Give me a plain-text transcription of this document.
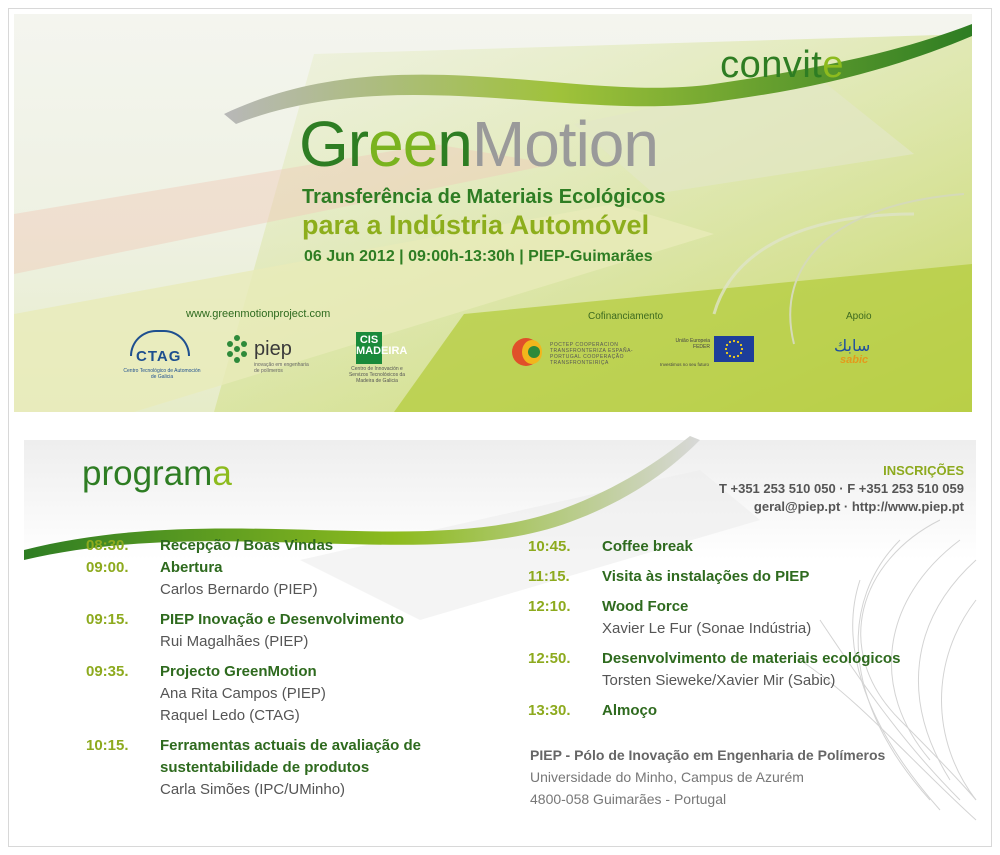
convite
GreenMotion
Transferência de Materiais Ecológicos
para a Indústria Automóvel
06 Jun 2012 | 09:00h-13:30h | PIEP-Guimarães
www.greenmotionproject.com	Cofinanciamento	Apoio
CTAG
Centro Tecnológico de Automoción de Galicia
piep
inovação em engenharia de polímeros
CIS MADEIRA
Centro de Innovación e Servizos Tecnolóxicos da Madeira de Galicia
POCTEP COOPERACION TRANSFRONTERIZA ESPAÑA-PORTUGAL COOPERAÇÃO TRANSFRONTEIRIÇA
União Europeia FEDER
Investimos no seu futuro
سابك
sabic
programa	INSCRIÇÕES
T +351 253 510 050 · F +351 253 510 059
geral@piep.pt · http://www.piep.pt
08:30. Recepção / Boas Vindas
09:00. Abertura
Carlos Bernardo (PIEP)
09:15. PIEP Inovação e Desenvolvimento
Rui Magalhães (PIEP)
09:35. Projecto GreenMotion
Ana Rita Campos (PIEP)
Raquel Ledo (CTAG)
10:15. Ferramentas actuais de avaliação de
sustentabilidade de produtos
Carla Simões (IPC/UMinho)
10:45. Coffee break
11:15. Visita às instalações do PIEP
12:10. Wood Force
Xavier Le Fur (Sonae Indústria)
12:50. Desenvolvimento de materiais ecológicos
Torsten Sieweke/Xavier Mir (Sabic)
13:30. Almoço
PIEP - Pólo de Inovação em Engenharia de Polímeros
Universidade do Minho, Campus de Azurém
4800-058 Guimarães - Portugal
